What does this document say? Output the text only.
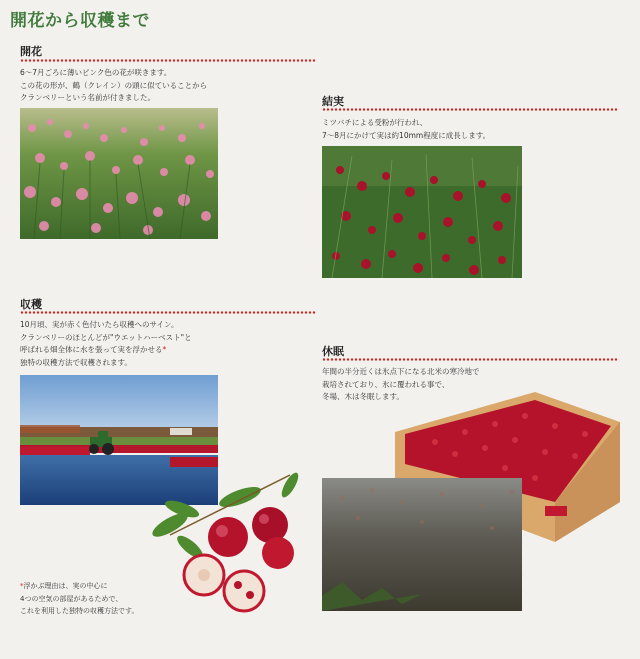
開花から収穫まで
開花
6〜7月ごろに薄いピンク色の花が咲きます。
この花の形が、鶴（クレイン）の頭に似ていることから
クランベリーという名前が付きました。	結実
ミツバチによる受粉が行われ、
7〜8月にかけて実は約10mm程度に成長します。
収穫
10月頃、実が赤く色付いたら収穫へのサイン。
クランベリーのほとんどが"ウエットハーベスト"と
呼ばれる畑全体に水を張って実を浮かせる*
独特の収穫方法で収穫されます。
*浮かぶ理由は、実の中心に
4つの空気の部屋があるためで、
これを利用した独特の収穫方法です。
休眠
年間の半分近くは氷点下になる北米の寒冷地で
栽培されており、氷に覆われる事で、
冬場、木は冬眠します。
